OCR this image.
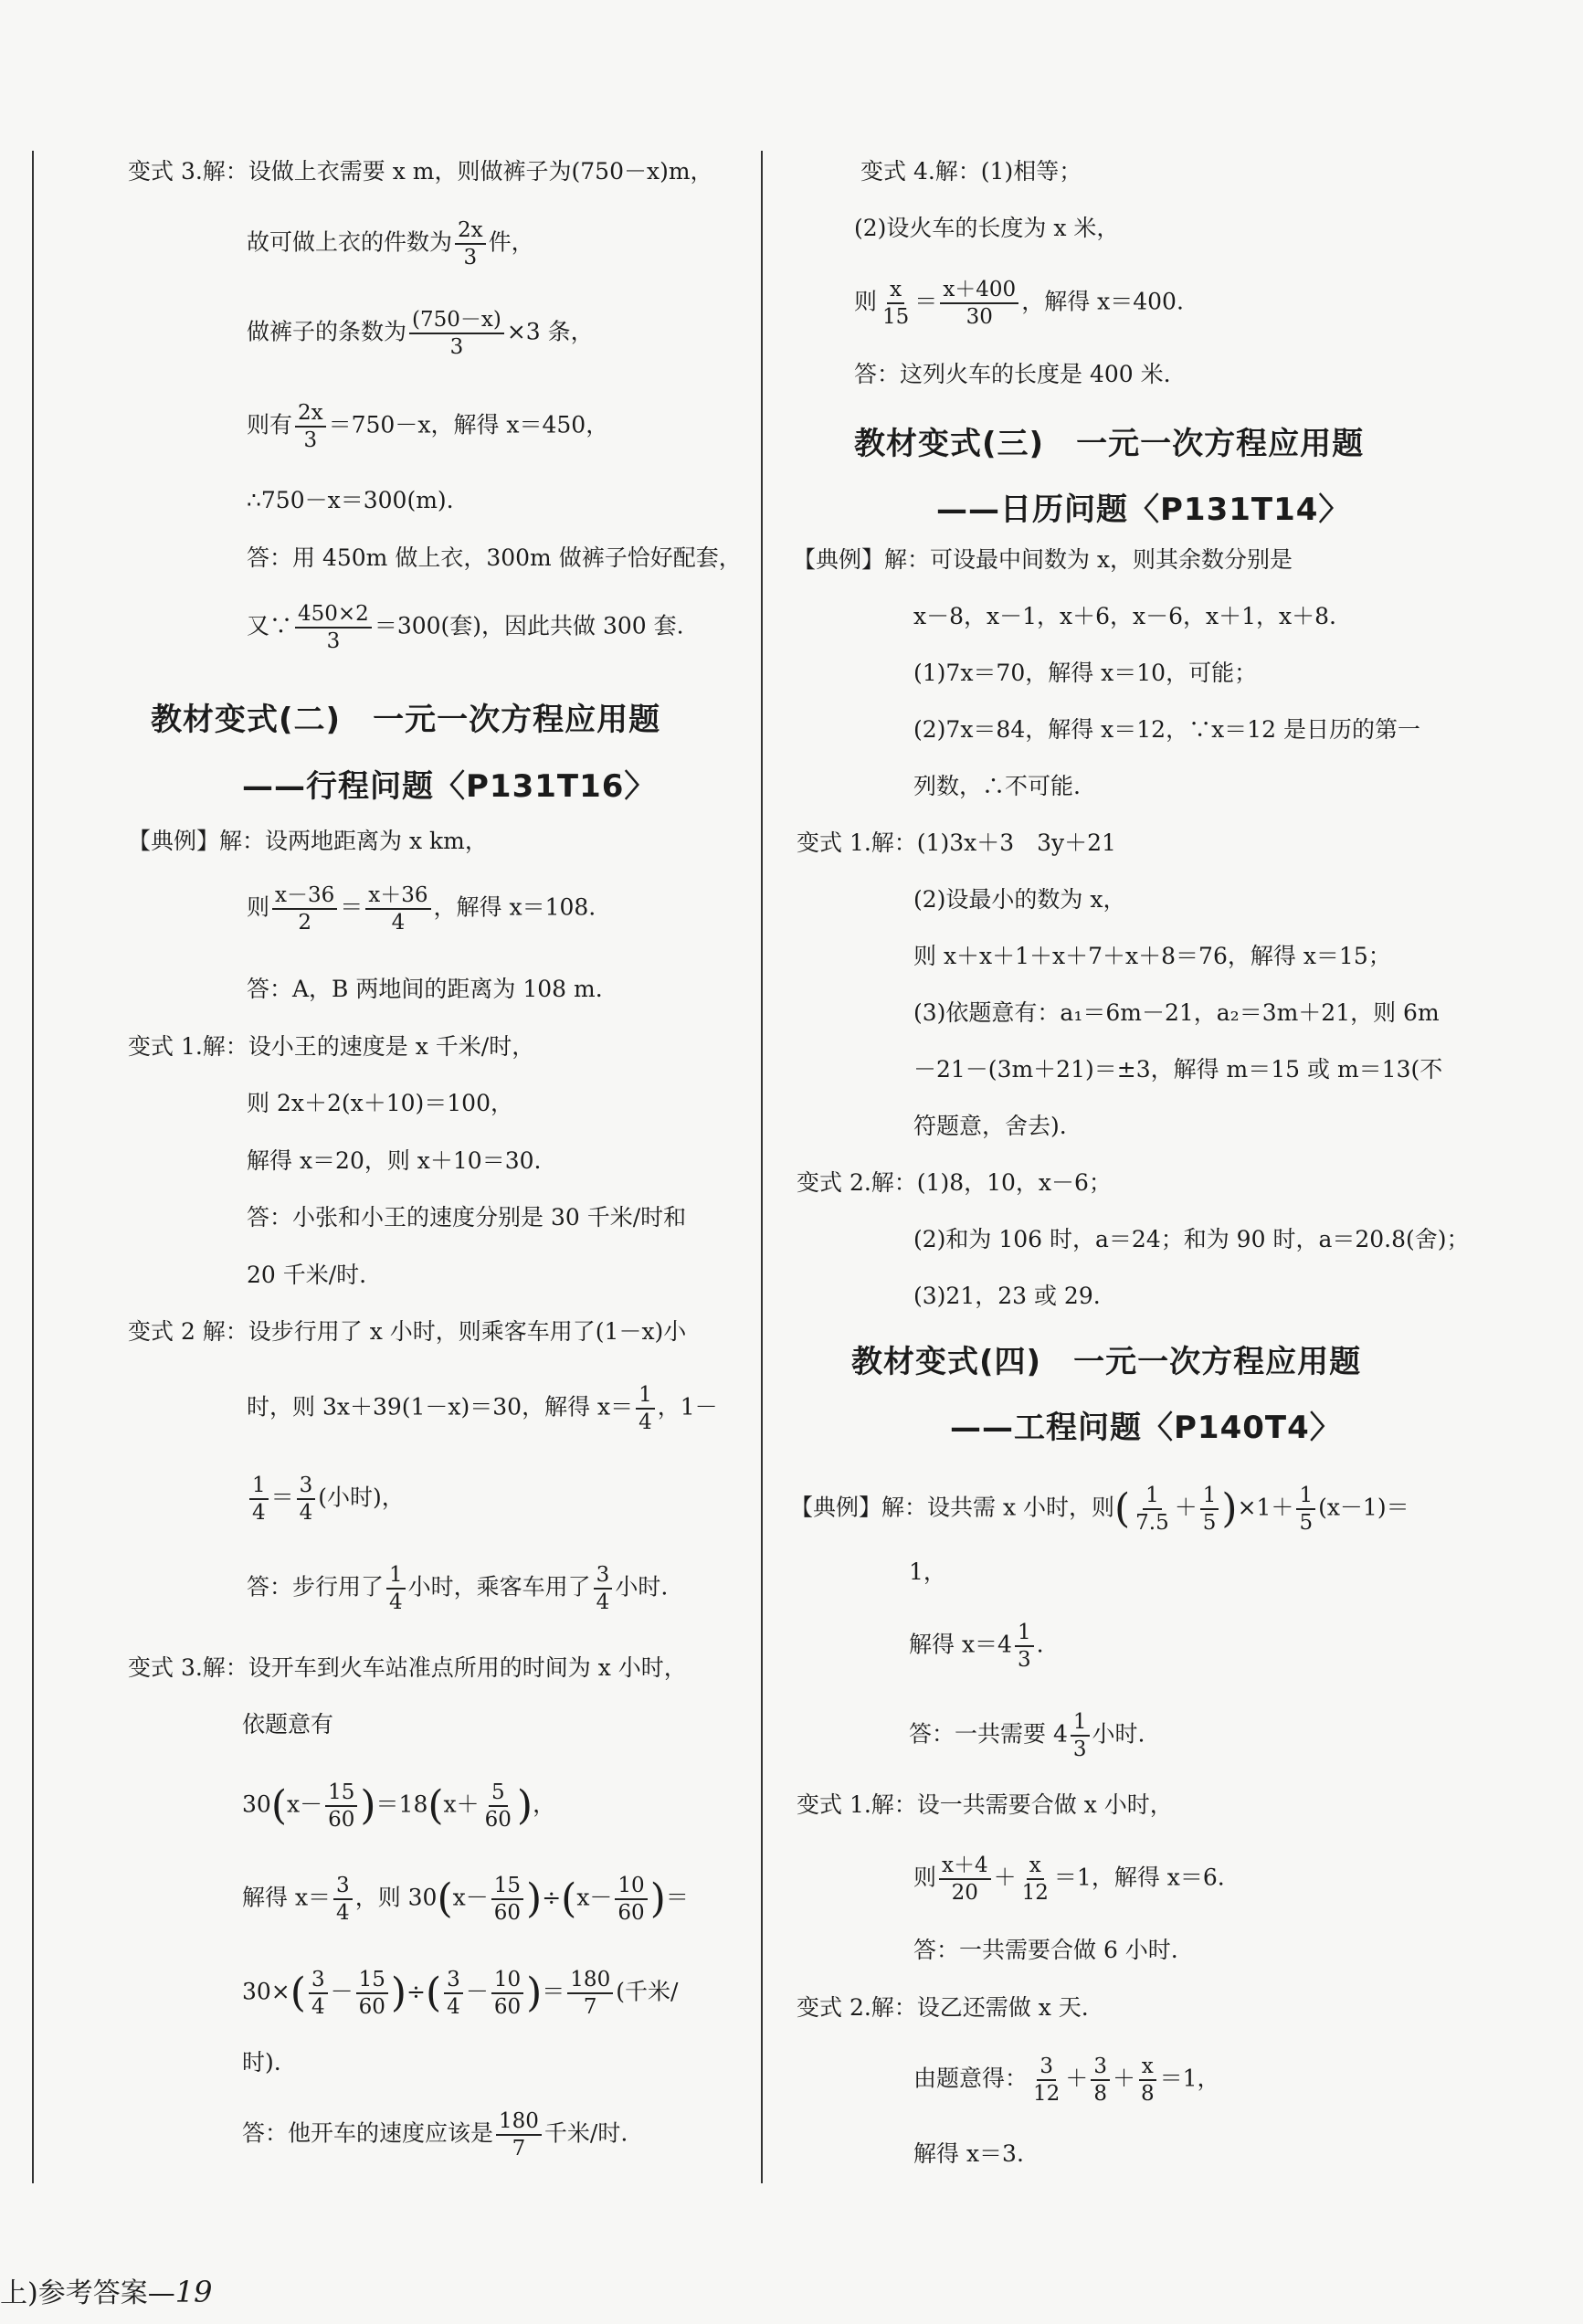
变式 3.解：设做上衣需要 x m，则做裤子为(750－x)m，
故可做上衣的件数为 $\frac{2x}{3}$ 件，
做裤子的条数为 $\frac{(750-x)}{3} \times 3$ 条，
则有 $\frac{2x}{3} =750-x$，解得 x＝450，
∴750－x＝300(m).
答：用 450m 做上衣，300m 做裤子恰好配套，
又∵ $\frac{450\times 2}{3} =300$(套)，因此共做 300 套.
教材变式(二)　一元一次方程应用题
——行程问题〈P131T16〉
【典例】解：设两地距离为 x km，
则 $\frac{x-36}{2} = \frac{x+36}{4}$ ，解得 x＝108.
答：A，B 两地间的距离为 108 m.
变式 1.解：设小王的速度是 x 千米/时，
则 2x＋2(x＋10)＝100，
解得 x＝20，则 x＋10＝30.
答：小张和小王的速度分别是 30 千米/时和
20 千米/时.
变式 2 解：设步行用了 x 小时，则乘客车用了(1－x)小
时，则 3x＋39(1－x)＝30，解得 $x= \frac{1}{4}$ ，1－
$\frac{1}{4} = \frac{3}{4}$ (小时)，
答：步行用了 $\frac{1}{4}$ 小时，乘客车用了 $\frac{3}{4}$ 小时.
变式 3.解：设开车到火车站准点所用的时间为 x 小时，
依题意有
$30(x- \frac{15}{60} )=18(x+ \frac{5}{60}$ )，
解得 $x= \frac{3}{4}$ ，则 $30(x- \frac{15}{60} )\div(x- \frac{10}{60}$ )＝
$30\times( \frac{3}{4} - \frac{15}{60}$ )÷( $\frac{3}{4} - \frac{10}{60}$ )＝ $\frac{180}{7}$ (千米/
时).
答：他开车的速度应该是 $\frac{180}{7}$ 千米/时.
变式 4.解：(1)相等；
(2)设火车的长度为 x 米，
则 $\frac{x}{15} = \frac{x+400}{30}$ ，解得 x＝400.
答：这列火车的长度是 400 米.
教材变式(三)　一元一次方程应用题
——日历问题〈P131T14〉
【典例】解：可设最中间数为 x，则其余数分别是
x－8，x－1，x＋6，x－6，x＋1，x＋8.
(1)7x＝70，解得 x＝10，可能；
(2)7x＝84，解得 x＝12，∵x＝12 是日历的第一
列数，∴不可能.
变式 1.解：(1)3x＋3　3y＋21
(2)设最小的数为 x，
则 x＋x＋1＋x＋7＋x＋8＝76，解得 x＝15；
(3)依题意有：a₁＝6m－21，a₂＝3m＋21，则 6m
－21－(3m＋21)＝±3，解得 m＝15 或 m＝13(不
符题意，舍去).
变式 2.解：(1)8，10，x－6；
(2)和为 106 时，a＝24；和为 90 时，a＝20.8(舍)；
(3)21，23 或 29.
教材变式(四)　一元一次方程应用题
——工程问题〈P140T4〉
【典例】解：设共需 x 小时，则( $\frac{1}{7.5} + \frac{1}{5} )\times 1+ \frac{1}{5} (x-1)=$
1，
解得 $x=4 \frac{1}{3}$ .
答：一共需要 $4 \frac{1}{3}$ 小时.
变式 1.解：设一共需要合做 x 小时，
则 $\frac{x+4}{20} + \frac{x}{12} =1$，解得 x＝6.
答：一共需要合做 6 小时.
变式 2.解：设乙还需做 x 天.
由题意得： $\frac{3}{12} + \frac{3}{8} + \frac{x}{8} =1$，
解得 x＝3.
上)参考答案—19
